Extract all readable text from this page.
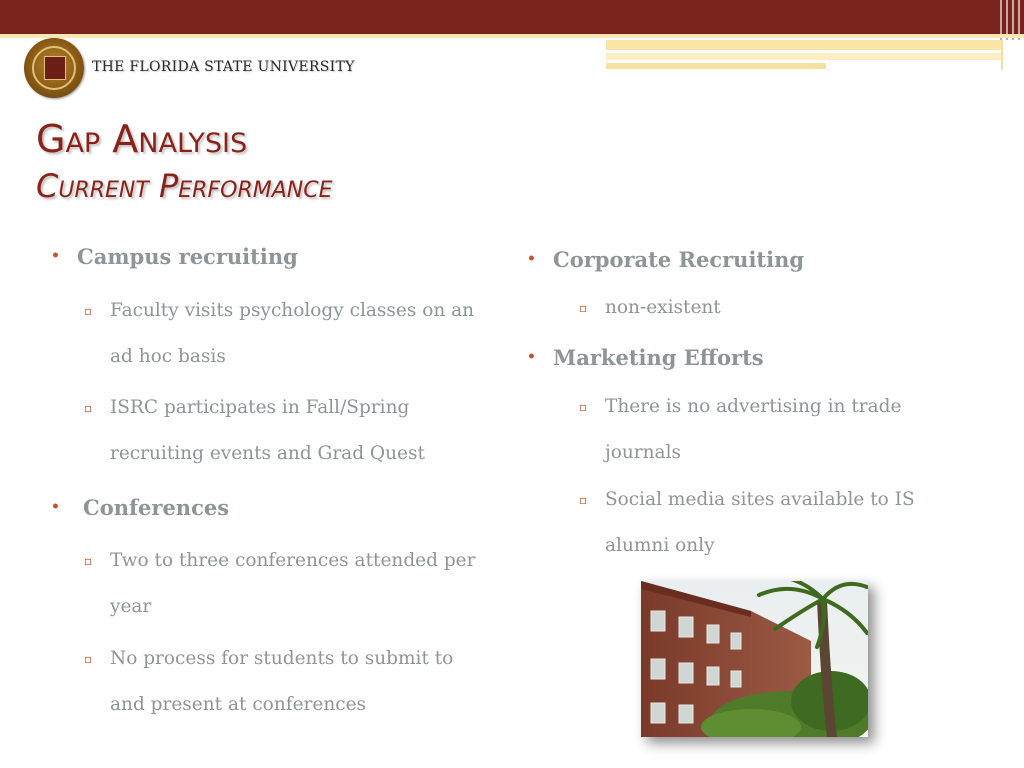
THE FLORIDA STATE UNIVERSITY
Gap Analysis
Current Performance
• Campus recruiting
▫ Faculty visits psychology classes on an ad hoc basis
▫ ISRC participates in Fall/Spring recruiting events and Grad Quest
• Conferences
▫ Two to three conferences attended per year
▫ No process for students to submit to and present at conferences
• Corporate Recruiting
▫ non-existent
• Marketing Efforts
▫ There is no advertising in trade journals
▫ Social media sites available to IS alumni only
